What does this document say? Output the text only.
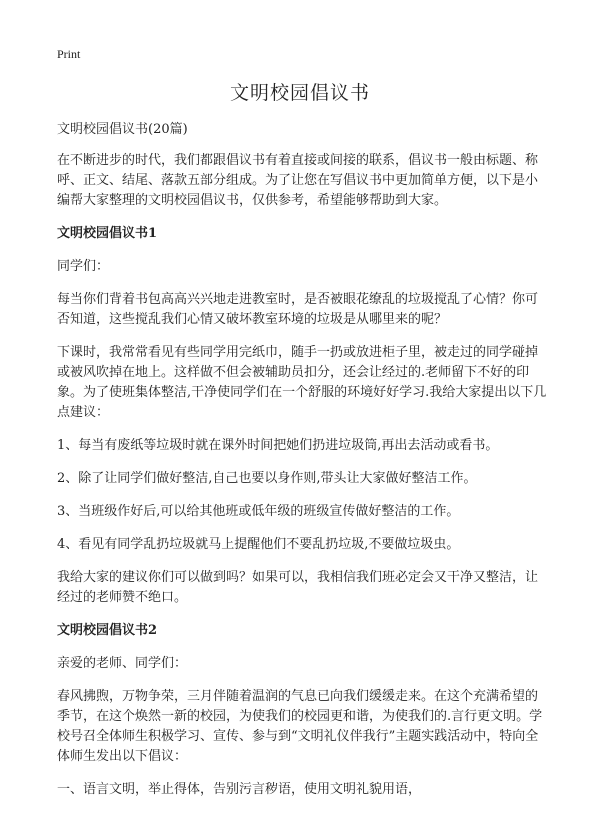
Print
文明校园倡议书

文明校园倡议书(20篇)

在不断进步的时代，我们都跟倡议书有着直接或间接的联系，倡议书一般由标题、称呼、正文、结尾、落款五部分组成。为了让您在写倡议书中更加简单方便，以下是小编帮大家整理的文明校园倡议书，仅供参考，希望能够帮助到大家。

文明校园倡议书1

同学们：

每当你们背着书包高高兴兴地走进教室时，是否被眼花缭乱的垃圾搅乱了心情？你可否知道，这些搅乱我们心情又破坏教室环境的垃圾是从哪里来的呢？

下课时，我常常看见有些同学用完纸巾，随手一扔或放进柜子里，被走过的同学碰掉或被风吹掉在地上。这样做不但会被辅助员扣分，还会让经过的.老师留下不好的印象。为了使班集体整洁,干净使同学们在一个舒服的环境好好学习.我给大家提出以下几点建议：

1、每当有废纸等垃圾时就在课外时间把她们扔进垃圾筒,再出去活动或看书。

2、除了让同学们做好整洁,自己也要以身作则,带头让大家做好整洁工作。

3、当班级作好后,可以给其他班或低年级的班级宣传做好整洁的工作。

4、看见有同学乱扔垃圾就马上提醒他们不要乱扔垃圾,不要做垃圾虫。

我给大家的建议你们可以做到吗？如果可以，我相信我们班必定会又干净又整洁，让经过的老师赞不绝口。

文明校园倡议书2

亲爱的老师、同学们：

春风拂煦，万物争荣，三月伴随着温润的气息已向我们缓缓走来。在这个充满希望的季节，在这个焕然一新的校园，为使我们的校园更和谐，为使我们的.言行更文明。学校号召全体师生积极学习、宣传、参与到“文明礼仪伴我行”主题实践活动中，特向全体师生发出以下倡议：

一、语言文明，举止得体，告别污言秽语，使用文明礼貌用语，
